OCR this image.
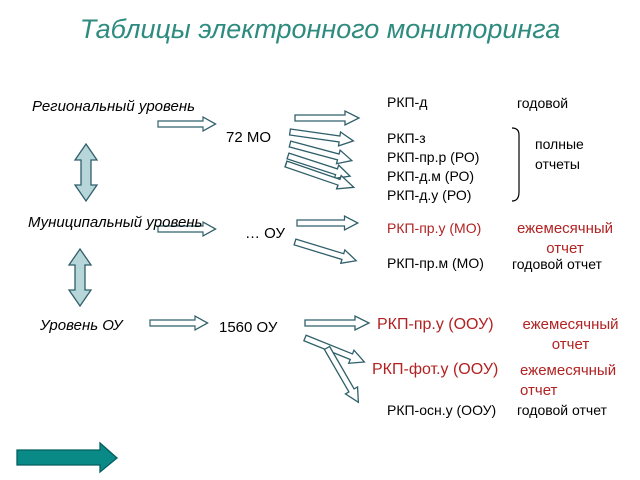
Таблицы электронного мониторинга
Региональный уровень
Муниципальный уровень
Уровень ОУ
72 МО
… ОУ
1560 ОУ
РКП-д	годовой
РКП-з
РКП-пр.р (РО)
РКП-д.м (РО)
РКП-д.у (РО)
полные отчеты
РКП-пр.у (МО)	ежемесячный отчет
РКП-пр.м (МО) годовой отчет
РКП-пр.у (ООУ)	ежемесячный отчет
РКП-фот.у (ООУ) ежемесячный отчет
РКП-осн.у (ООУ) годовой отчет
